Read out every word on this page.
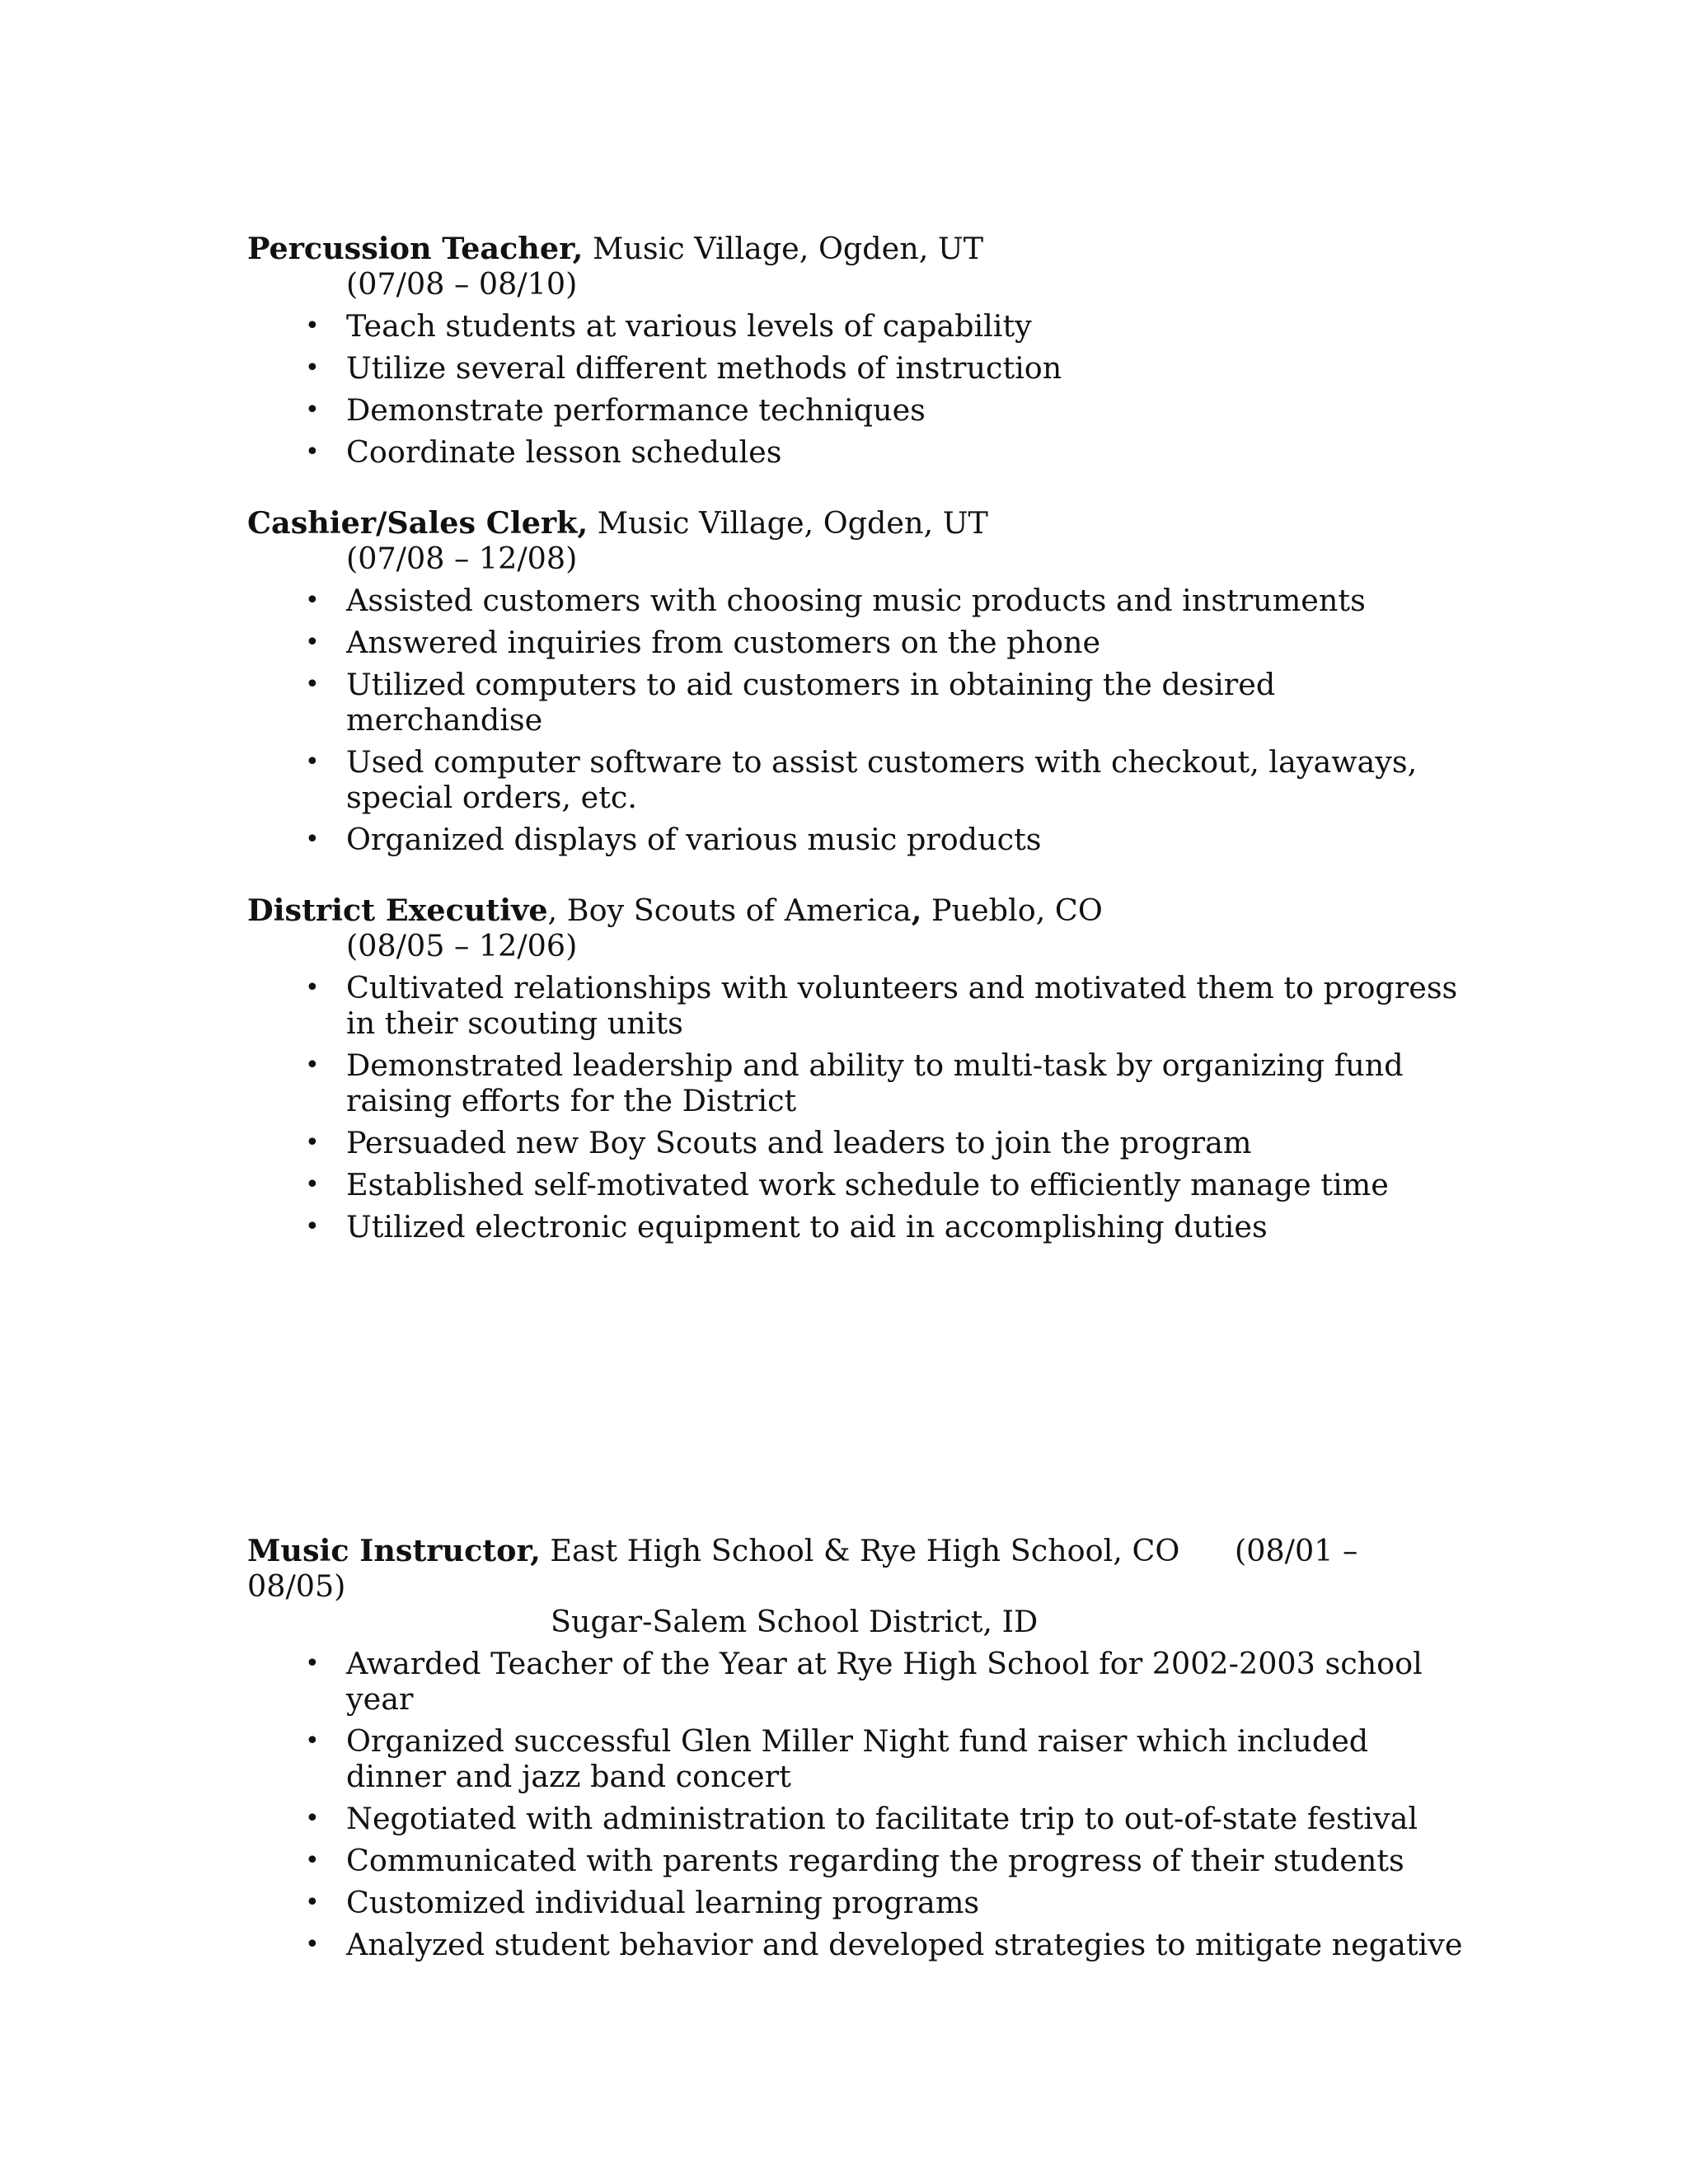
Percussion Teacher, Music Village, Ogden, UT
(07/08 – 08/10)
• Teach students at various levels of capability
• Utilize several different methods of instruction
• Demonstrate performance techniques
• Coordinate lesson schedules
Cashier/Sales Clerk, Music Village, Ogden, UT
(07/08 – 12/08)
• Assisted customers with choosing music products and instruments
• Answered inquiries from customers on the phone
• Utilized computers to aid customers in obtaining the desired merchandise
• Used computer software to assist customers with checkout, layaways, special orders, etc.
• Organized displays of various music products
District Executive, Boy Scouts of America, Pueblo, CO
(08/05 – 12/06)
• Cultivated relationships with volunteers and motivated them to progress in their scouting units
• Demonstrated leadership and ability to multi-task by organizing fund raising efforts for the District
• Persuaded new Boy Scouts and leaders to join the program
• Established self-motivated work schedule to efficiently manage time
• Utilized electronic equipment to aid in accomplishing duties
Music Instructor, East High School & Rye High School, CO (08/01 –
08/05)
Sugar-Salem School District, ID
• Awarded Teacher of the Year at Rye High School for 2002-2003 school year
• Organized successful Glen Miller Night fund raiser which included dinner and jazz band concert
• Negotiated with administration to facilitate trip to out-of-state festival
• Communicated with parents regarding the progress of their students
• Customized individual learning programs
• Analyzed student behavior and developed strategies to mitigate negative
